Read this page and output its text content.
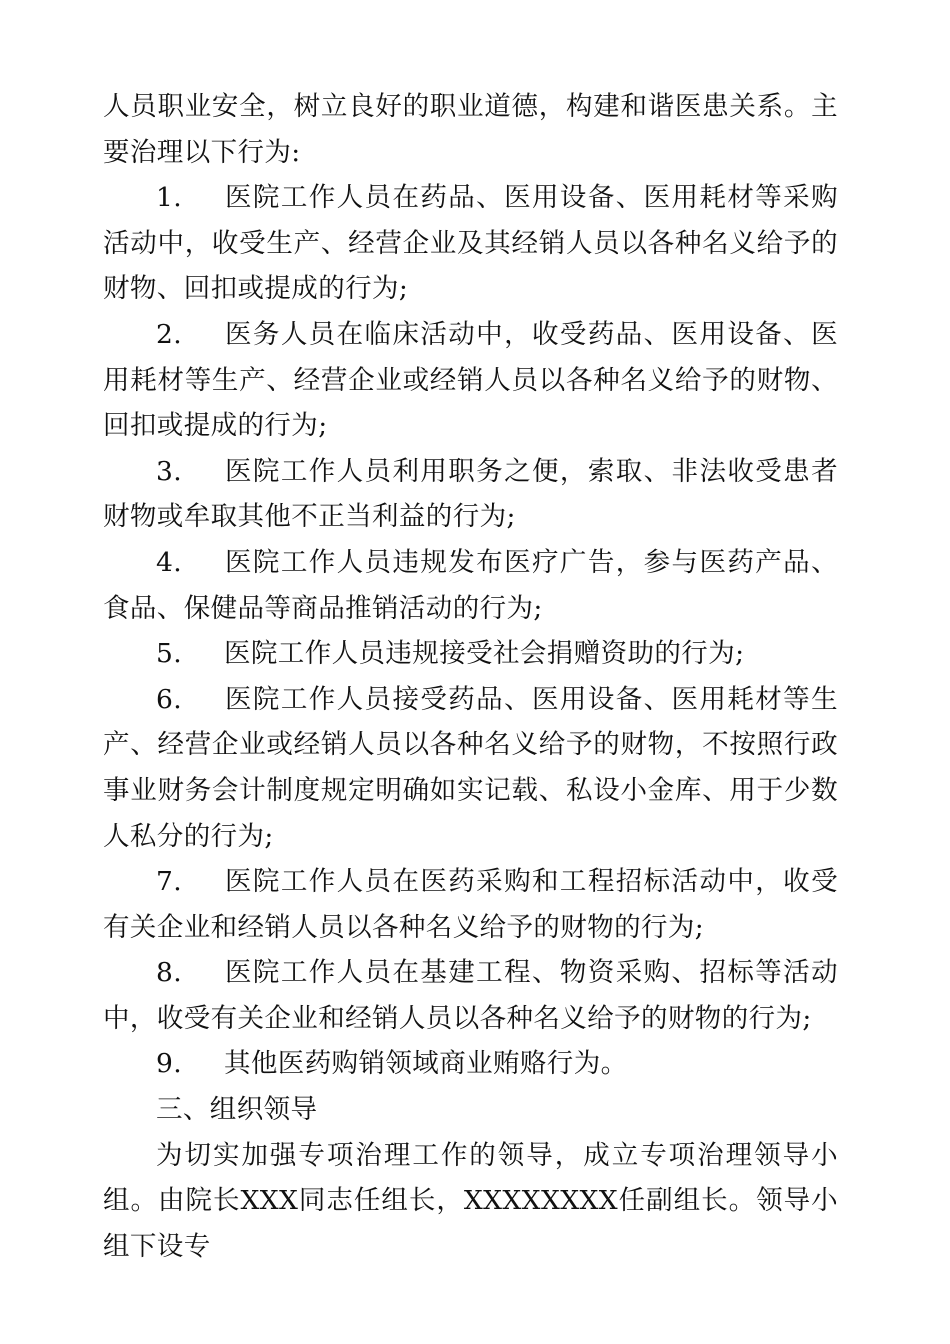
人员职业安全，树立良好的职业道德，构建和谐医患关系。主要治理以下行为:

1. 医院工作人员在药品、医用设备、医用耗材等采购活动中，收受生产、经营企业及其经销人员以各种名义给予的财物、回扣或提成的行为;

2. 医务人员在临床活动中，收受药品、医用设备、医用耗材等生产、经营企业或经销人员以各种名义给予的财物、回扣或提成的行为;

3. 医院工作人员利用职务之便，索取、非法收受患者财物或牟取其他不正当利益的行为;

4. 医院工作人员违规发布医疗广告，参与医药产品、食品、保健品等商品推销活动的行为;

5. 医院工作人员违规接受社会捐赠资助的行为;

6. 医院工作人员接受药品、医用设备、医用耗材等生产、经营企业或经销人员以各种名义给予的财物，不按照行政事业财务会计制度规定明确如实记载、私设小金库、用于少数人私分的行为;

7. 医院工作人员在医药采购和工程招标活动中，收受有关企业和经销人员以各种名义给予的财物的行为;

8. 医院工作人员在基建工程、物资采购、招标等活动中，收受有关企业和经销人员以各种名义给予的财物的行为;

9. 其他医药购销领域商业贿赂行为。

三、组织领导

为切实加强专项治理工作的领导，成立专项治理领导小组。由院长XXX同志任组长，XXXXXXXX任副组长。领导小组下设专
